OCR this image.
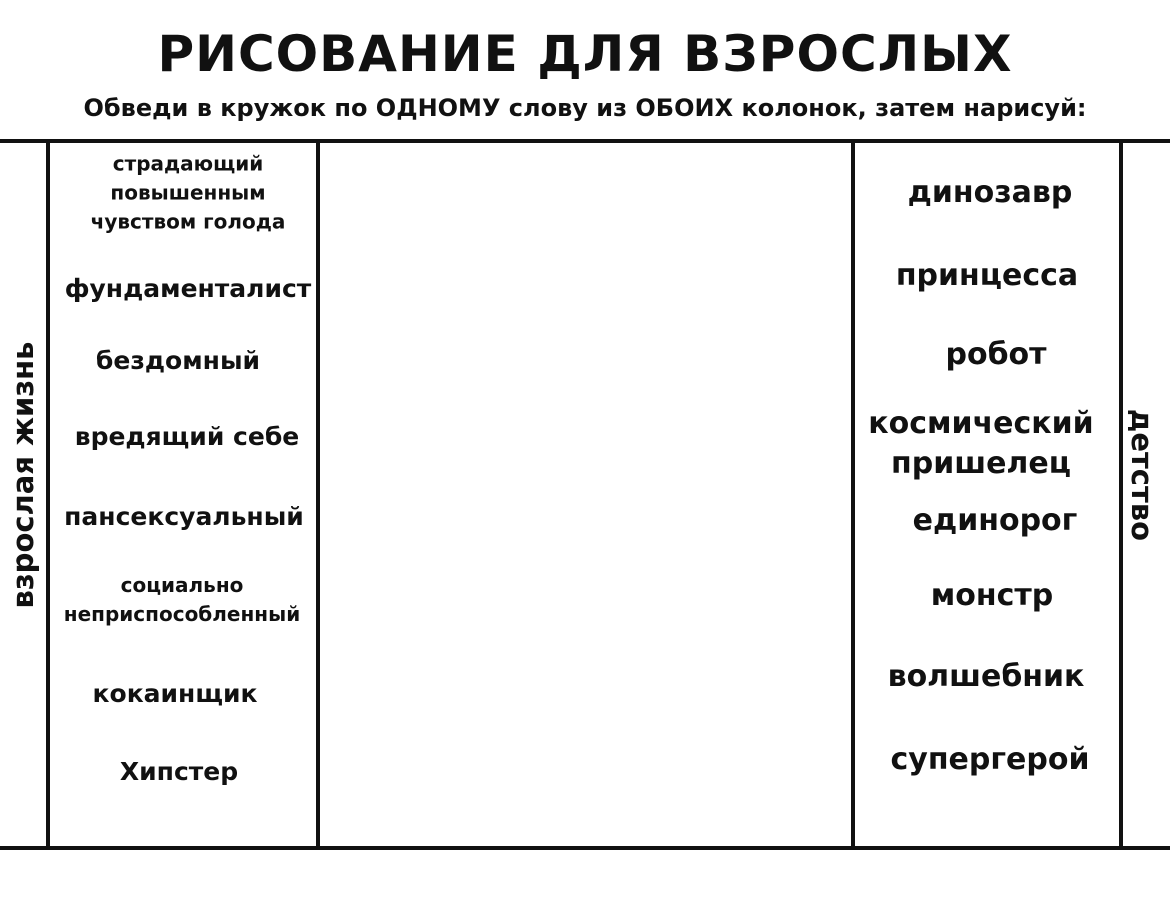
РИСОВАНИЕ ДЛЯ ВЗРОСЛЫХ
Обведи в кружок по ОДНОМУ слову из ОБОИХ колонок, затем нарисуй:
взрослая жизнь	детство
страдающий
повышенным
чувством голода
фундаменталист
бездомный
вредящий себе
пансексуальный
социально
неприспособленный
кокаинщик
Хипстер
динозавр
принцесса
робот
космический
пришелец
единорог
монстр
волшебник
супергерой
